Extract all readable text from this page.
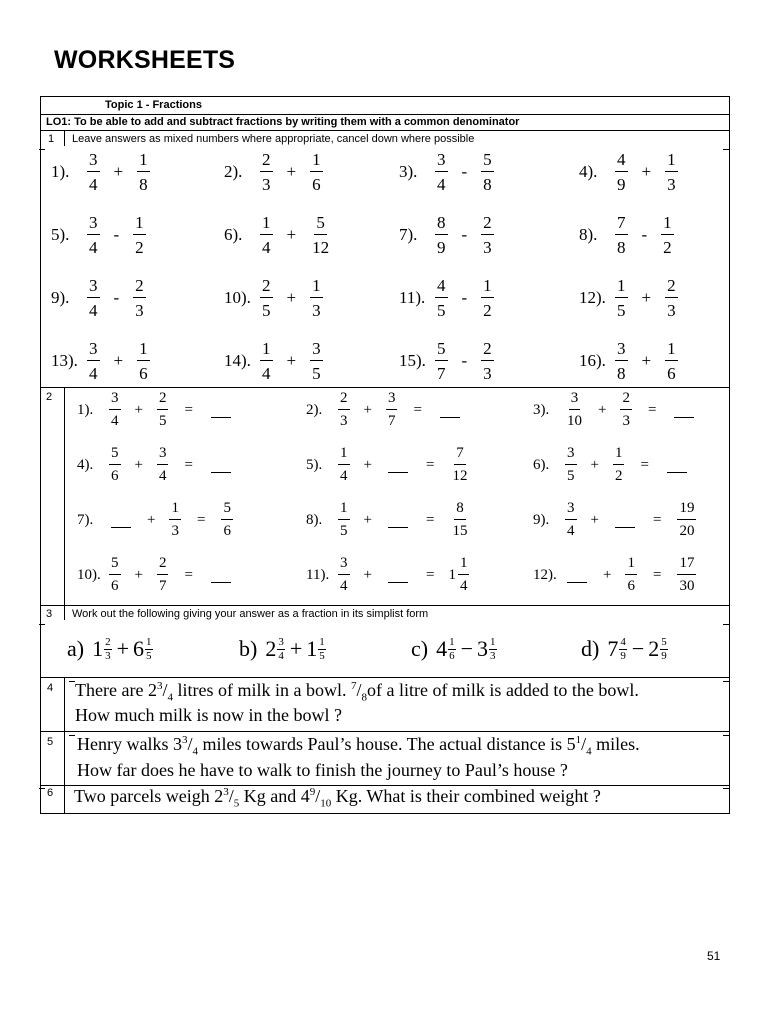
WORKSHEETS
Topic 1 - Fractions
LO1: To be able to add and subtract fractions by writing them with a common denominator
1 Leave answers as mixed numbers where appropriate, cancel down where possible
1).	$\frac{3}{4} + \frac{1}{8}$	2).	$\frac{2}{3} + \frac{1}{6}$	3).	$\frac{3}{4} - \frac{5}{8}$	4).	$\frac{4}{9} + \frac{1}{3}$
5).	$\frac{3}{4} - \frac{1}{2}$	6).	$\frac{1}{4} + \frac{5}{12}$	7).	$\frac{8}{9} - \frac{2}{3}$	8).	$\frac{7}{8} - \frac{1}{2}$
9).	$\frac{3}{4} - \frac{2}{3}$	10). $\frac{2}{5} + \frac{1}{3}$	11). $\frac{4}{5} - \frac{1}{2}$	12). $\frac{1}{5} + \frac{2}{3}$
13). $\frac{3}{4} + \frac{1}{6}$	14). $\frac{1}{4} + \frac{3}{5}$	15). $\frac{5}{7} - \frac{2}{3}$	16). $\frac{3}{8} + \frac{1}{6}$
2
1).	$\frac{3}{4} + \frac{2}{5}$ =	2).	$\frac{2}{3} + \frac{3}{7}$ =	3).	$\frac{3}{10} + \frac{2}{3}$ =
4).	$\frac{5}{6} + \frac{3}{4}$ =	5).	$\frac{1}{4}$ +	= $\frac{7}{12}$	6).	$\frac{3}{5} + \frac{1}{2}$ =
7).	+ $\frac{1}{3} = \frac{5}{6}$	8).	$\frac{1}{5}$ +	= $\frac{8}{15}$	9).	$\frac{3}{4}$ +	= $\frac{19}{20}$
10). $\frac{5}{6} + \frac{2}{7}$ =	11). $\frac{3}{4}$ +	= $1 \frac{1}{4}$	12).	+ $\frac{1}{6} = \frac{17}{30}$
3 Work out the following giving your answer as a fraction in its simplist form
a) $1 \frac{2}{3} + 6 \frac{1}{5}$	b) $2 \frac{3}{4} + 1 \frac{1}{5}$	c) $4 \frac{1}{6} - 3 \frac{1}{3}$	d) $7 \frac{4}{9} - 2 \frac{5}{9}$
4 There are $2^3/_4$ litres of milk in a bowl. $^7/_8of$ a litre of milk is added to the bowl.
How much milk is now in the bowl ?
5 Henry walks $3^3/_4$ miles towards Paul’s house. The actual distance is $5^1/_4$ miles.
How far does he have to walk to finish the journey to Paul’s house ?
6 Two parcels weigh $2^3/_5$ Kg and $4^9/_{10}$ Kg. What is their combined weight ?
51
